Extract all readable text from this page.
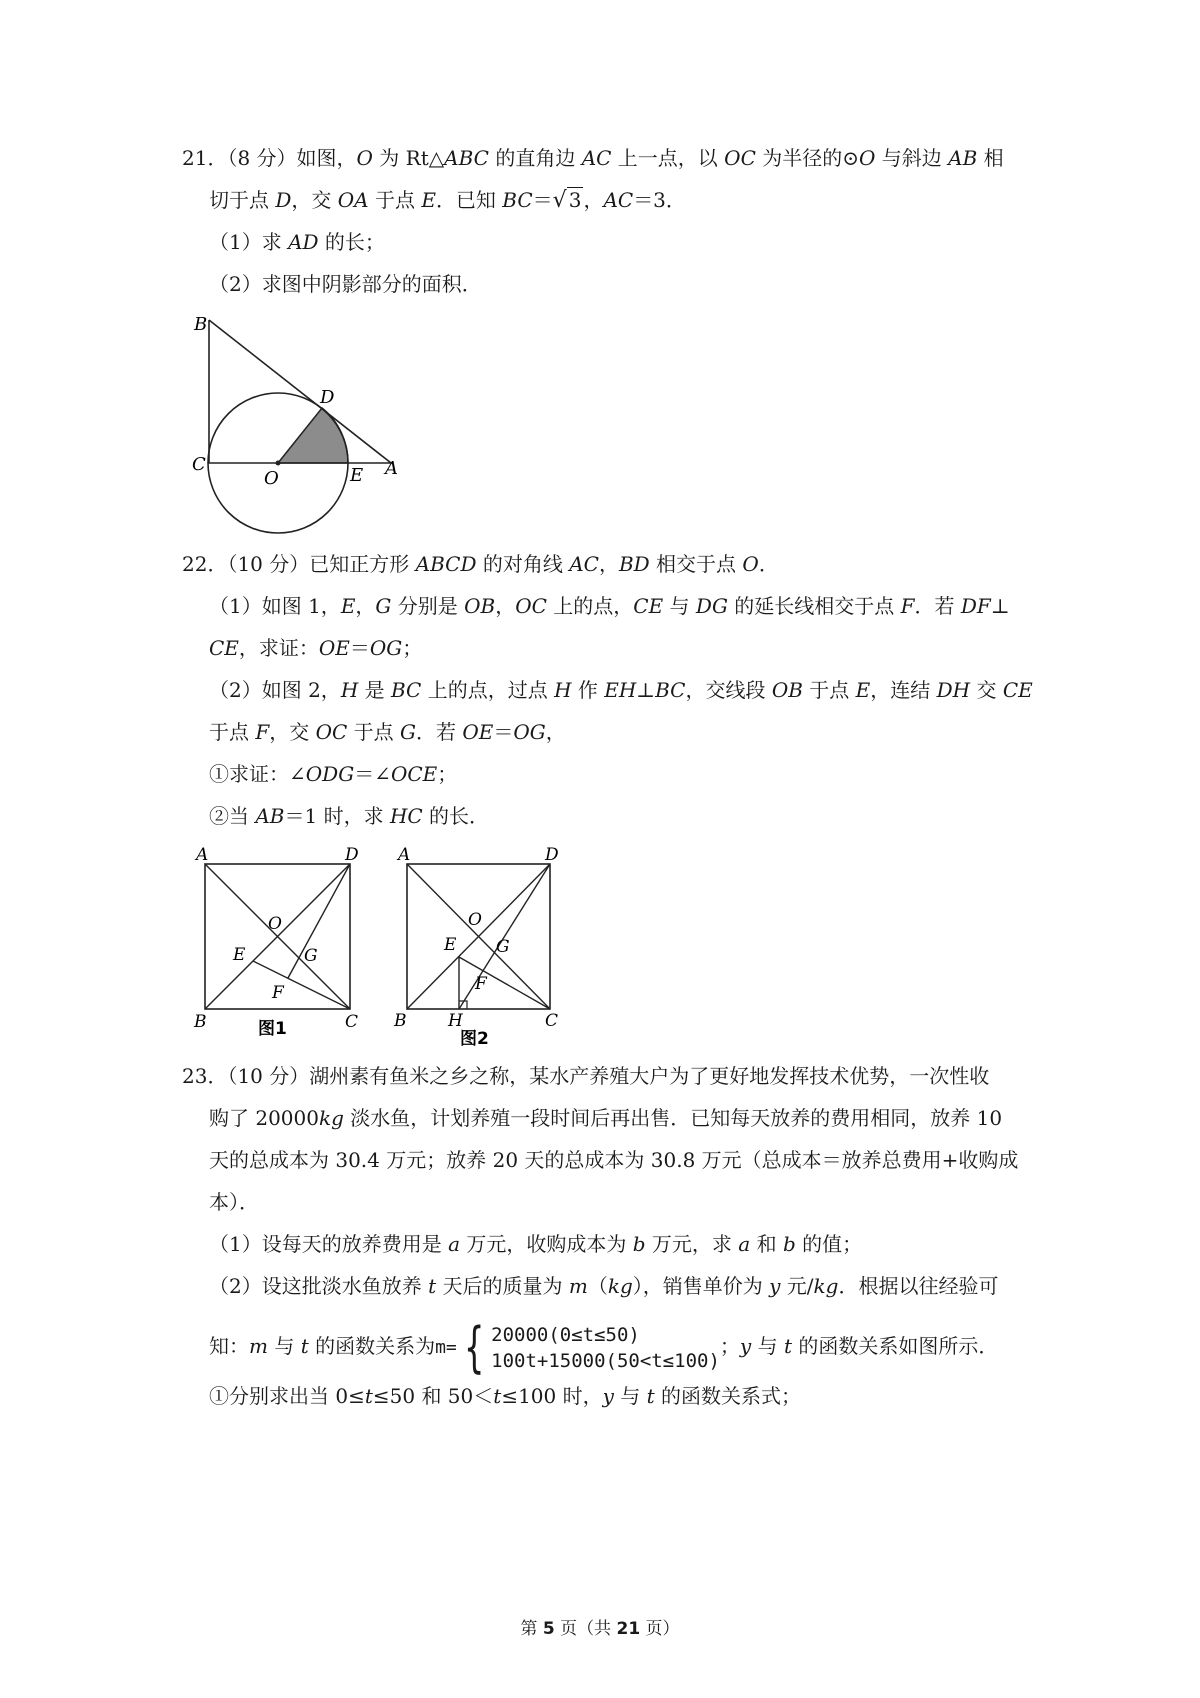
21．（8 分）如图，O 为 Rt△ABC 的直角边 AC 上一点，以 OC 为半径的⊙O 与斜边 AB 相
切于点 D，交 OA 于点 E．已知 BC＝√ 3 ，AC＝3．
（1）求 AD 的长；
（2）求图中阴影部分的面积．
B
D
C
O	E A
22．（10 分）已知正方形 ABCD 的对角线 AC，BD 相交于点 O．
（1）如图 1，E，G 分别是 OB，OC 上的点，CE 与 DG 的延长线相交于点 F．若 DF⊥
CE，求证：OE＝OG；
（2）如图 2，H 是 BC 上的点，过点 H 作 EH⊥BC，交线段 OB 于点 E，连结 DH 交 CE
于点 F，交 OC 于点 G．若 OE＝OG，
①求证：∠ODG＝∠OCE；
②当 AB＝1 时，求 HC 的长．
A	D
O
E	G
F
B	C
图1
A	D
O
E G
F
B H	C
图2
23．（10 分）湖州素有鱼米之乡之称，某水产养殖大户为了更好地发挥技术优势，一次性收
购了 20000kg 淡水鱼，计划养殖一段时间后再出售．已知每天放养的费用相同，放养 10
天的总成本为 30.4 万元；放养 20 天的总成本为 30.8 万元（总成本＝放养总费用+收购成
本）．
（1）设每天的放养费用是 a 万元，收购成本为 b 万元，求 a 和 b 的值；
（2）设这批淡水鱼放养 t 天后的质量为 m（kg），销售单价为 y 元/kg．根据以往经验可
知：m 与 t 的函数关系为m= { 20000(0≤t≤50)
100t+15000(50<t≤100)；y 与 t 的函数关系如图所示．
①分别求出当 0≤t≤50 和 50＜t≤100 时，y 与 t 的函数关系式；
第 5 页（共 21 页）
